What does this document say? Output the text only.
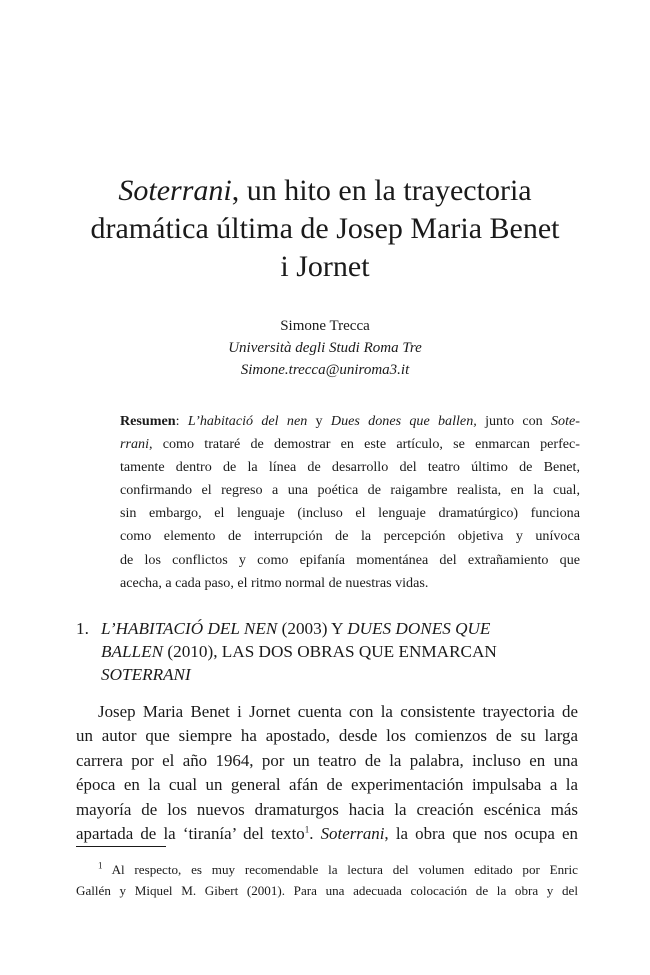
Soterrani, un hito en la trayectoria
dramática última de Josep Maria Benet
i Jornet
Simone Trecca
Università degli Studi Roma Tre
Simone.trecca@uniroma3.it
Resumen: L’habitació del nen y Dues dones que ballen, junto con Sote-
rrani, como trataré de demostrar en este artículo, se enmarcan perfec-
tamente dentro de la línea de desarrollo del teatro último de Benet,
confirmando el regreso a una poética de raigambre realista, en la cual,
sin embargo, el lenguaje (incluso el lenguaje dramatúrgico) funciona
como elemento de interrupción de la percepción objetiva y unívoca
de los conflictos y como epifanía momentánea del extrañamiento que
acecha, a cada paso, el ritmo normal de nuestras vidas.
1. L’HABITACIÓ DEL NEN (2003) Y DUES DONES QUE
BALLEN (2010), LAS DOS OBRAS QUE ENMARCAN
SOTERRANI
Josep Maria Benet i Jornet cuenta con la consistente trayectoria de
un autor que siempre ha apostado, desde los comienzos de su larga
carrera por el año 1964, por un teatro de la palabra, incluso en una
época en la cual un general afán de experimentación impulsaba a la
mayoría de los nuevos dramaturgos hacia la creación escénica más
apartada de la ‘tiranía’ del texto$^1$. Soterrani, la obra que nos ocupa en
$^1$ Al respecto, es muy recomendable la lectura del volumen editado por Enric
Gallén y Miquel M. Gibert (2001). Para una adecuada colocación de la obra y del
